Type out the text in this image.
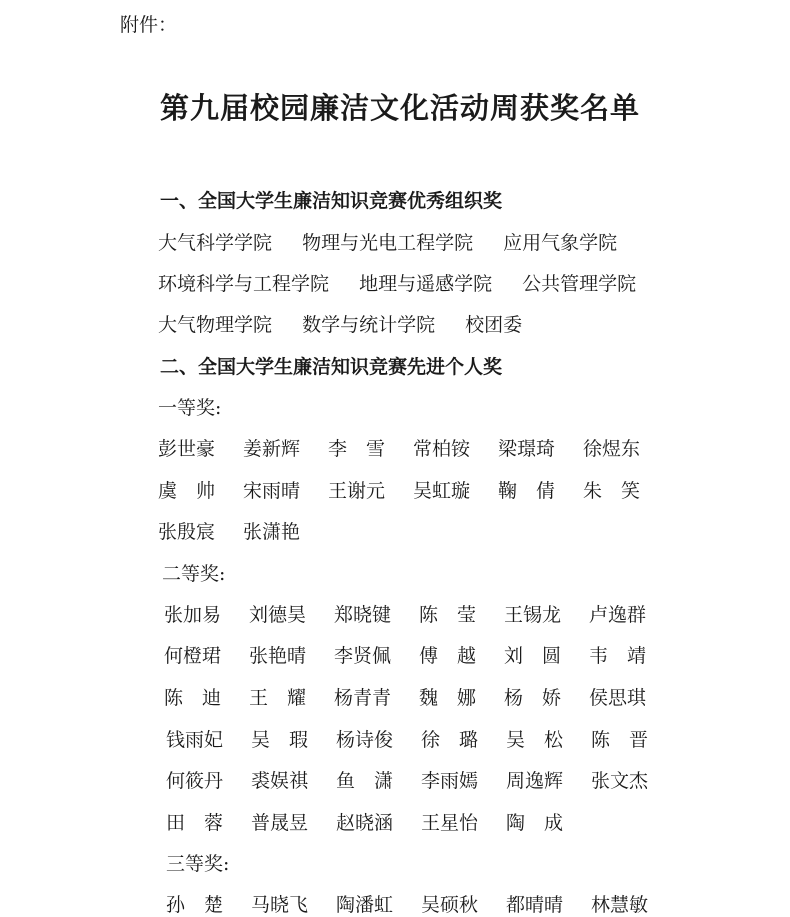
附件：
第九届校园廉洁文化活动周获奖名单
一、全国大学生廉洁知识竞赛优秀组织奖
大气科学学院 物理与光电工程学院 应用气象学院
环境科学与工程学院 地理与遥感学院 公共管理学院
大气物理学院 数学与统计学院 校团委
二、全国大学生廉洁知识竞赛先进个人奖
一等奖:
彭世豪 姜新辉 李　雪 常柏铵 梁璟琦 徐煜东
虞　帅 宋雨晴 王谢元 吴虹璇 鞠　倩 朱　笑
张殷宸 张潇艳
二等奖:
张加易 刘德昊 郑晓键 陈　莹 王锡龙 卢逸群
何橙珺 张艳晴 李贤佩 傅　越 刘　圆 韦　靖
陈　迪 王　耀 杨青青 魏　娜 杨　娇 侯思琪
钱雨妃 吴　瑕 杨诗俊 徐　璐 吴　松 陈　晋
何筱丹 裘娱祺 鱼　潇 李雨嫣 周逸辉 张文杰
田　蓉 普晟昱 赵晓涵 王星怡 陶　成
三等奖:
孙　楚 马晓飞 陶潘虹 吴硕秋 都晴晴 林慧敏
